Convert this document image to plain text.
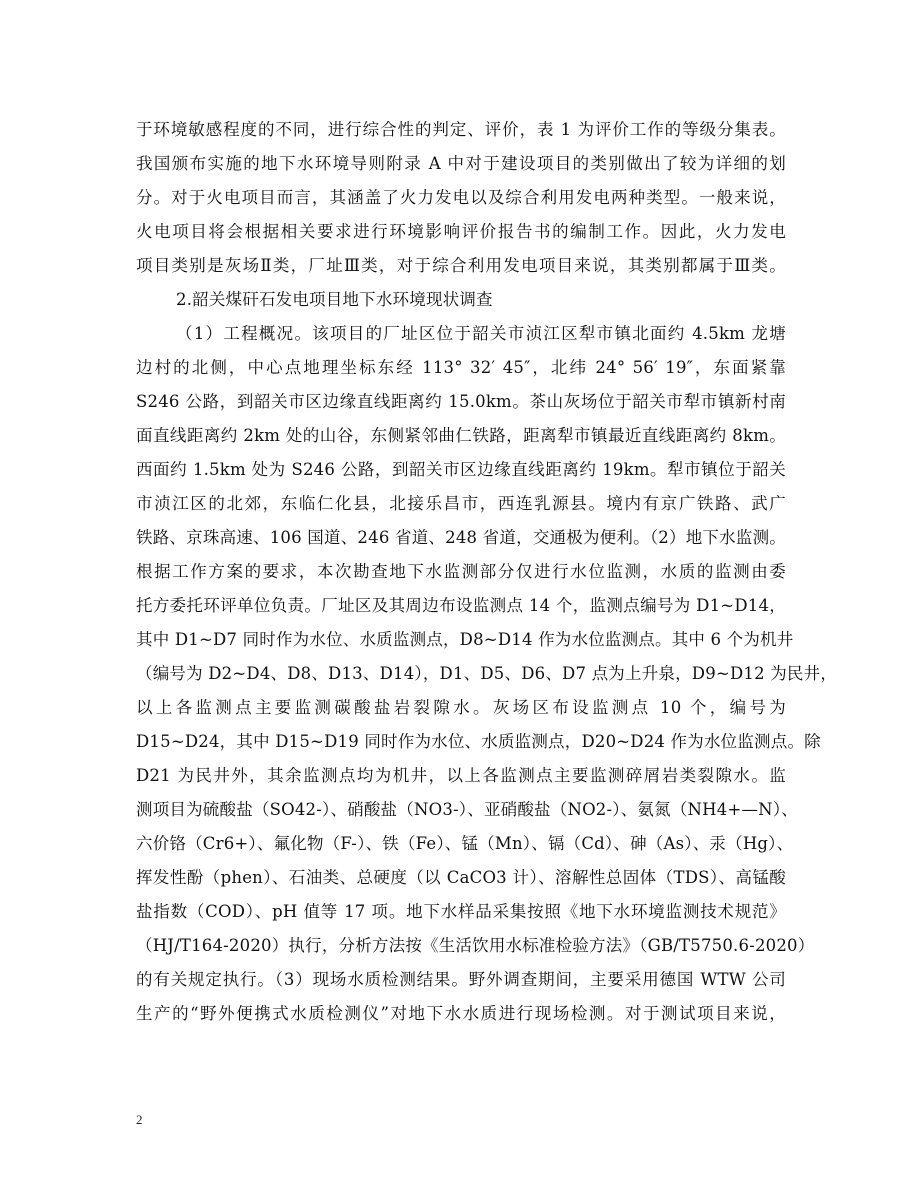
于环境敏感程度的不同，进行综合性的判定、评价，表 1 为评价工作的等级分集表。
我国颁布实施的地下水环境导则附录 A 中对于建设项目的类别做出了较为详细的划
分。对于火电项目而言，其涵盖了火力发电以及综合利用发电两种类型。一般来说，
火电项目将会根据相关要求进行环境影响评价报告书的编制工作。因此，火力发电
项目类别是灰场Ⅱ类，厂址Ⅲ类，对于综合利用发电项目来说，其类别都属于Ⅲ类。
2.韶关煤矸石发电项目地下水环境现状调查
（1）工程概况。该项目的厂址区位于韶关市浈江区犁市镇北面约 4.5km 龙塘
边村的北侧，中心点地理坐标东经 113° 32′ 45″，北纬 24° 56′ 19″，东面紧靠
S246 公路，到韶关市区边缘直线距离约 15.0km。茶山灰场位于韶关市犁市镇新村南
面直线距离约 2km 处的山谷，东侧紧邻曲仁铁路，距离犁市镇最近直线距离约 8km。
西面约 1.5km 处为 S246 公路，到韶关市区边缘直线距离约 19km。犁市镇位于韶关
市浈江区的北郊，东临仁化县，北接乐昌市，西连乳源县。境内有京广铁路、武广
铁路、京珠高速、106 国道、246 省道、248 省道，交通极为便利。（2）地下水监测。
根据工作方案的要求，本次勘查地下水监测部分仅进行水位监测，水质的监测由委
托方委托环评单位负责。厂址区及其周边布设监测点 14 个，监测点编号为 D1~D14，
其中 D1~D7 同时作为水位、水质监测点，D8~D14 作为水位监测点。其中 6 个为机井
（编号为 D2~D4、D8、D13、D14），D1、D5、D6、D7 点为上升泉，D9~D12 为民井，
以上各监测点主要监测碳酸盐岩裂隙水。灰场区布设监测点 10 个，编号为
D15~D24，其中 D15~D19 同时作为水位、水质监测点，D20~D24 作为水位监测点。除
D21 为民井外，其余监测点均为机井，以上各监测点主要监测碎屑岩类裂隙水。监
测项目为硫酸盐（SO42-）、硝酸盐（NO3-）、亚硝酸盐（NO2-）、氨氮（NH4+—N）、
六价铬（Cr6+）、氟化物（F-）、铁（Fe）、锰（Mn）、镉（Cd）、砷（As）、汞（Hg）、
挥发性酚（phen）、石油类、总硬度（以 CaCO3 计）、溶解性总固体（TDS）、高锰酸
盐指数（COD）、pH 值等 17 项。地下水样品采集按照《地下水环境监测技术规范》
（HJ/T164-2020）执行，分析方法按《生活饮用水标准检验方法》（GB/T5750.6-2020）
的有关规定执行。（3）现场水质检测结果。野外调查期间，主要采用德国 WTW 公司
生产的“野外便携式水质检测仪”对地下水水质进行现场检测。对于测试项目来说，
2
